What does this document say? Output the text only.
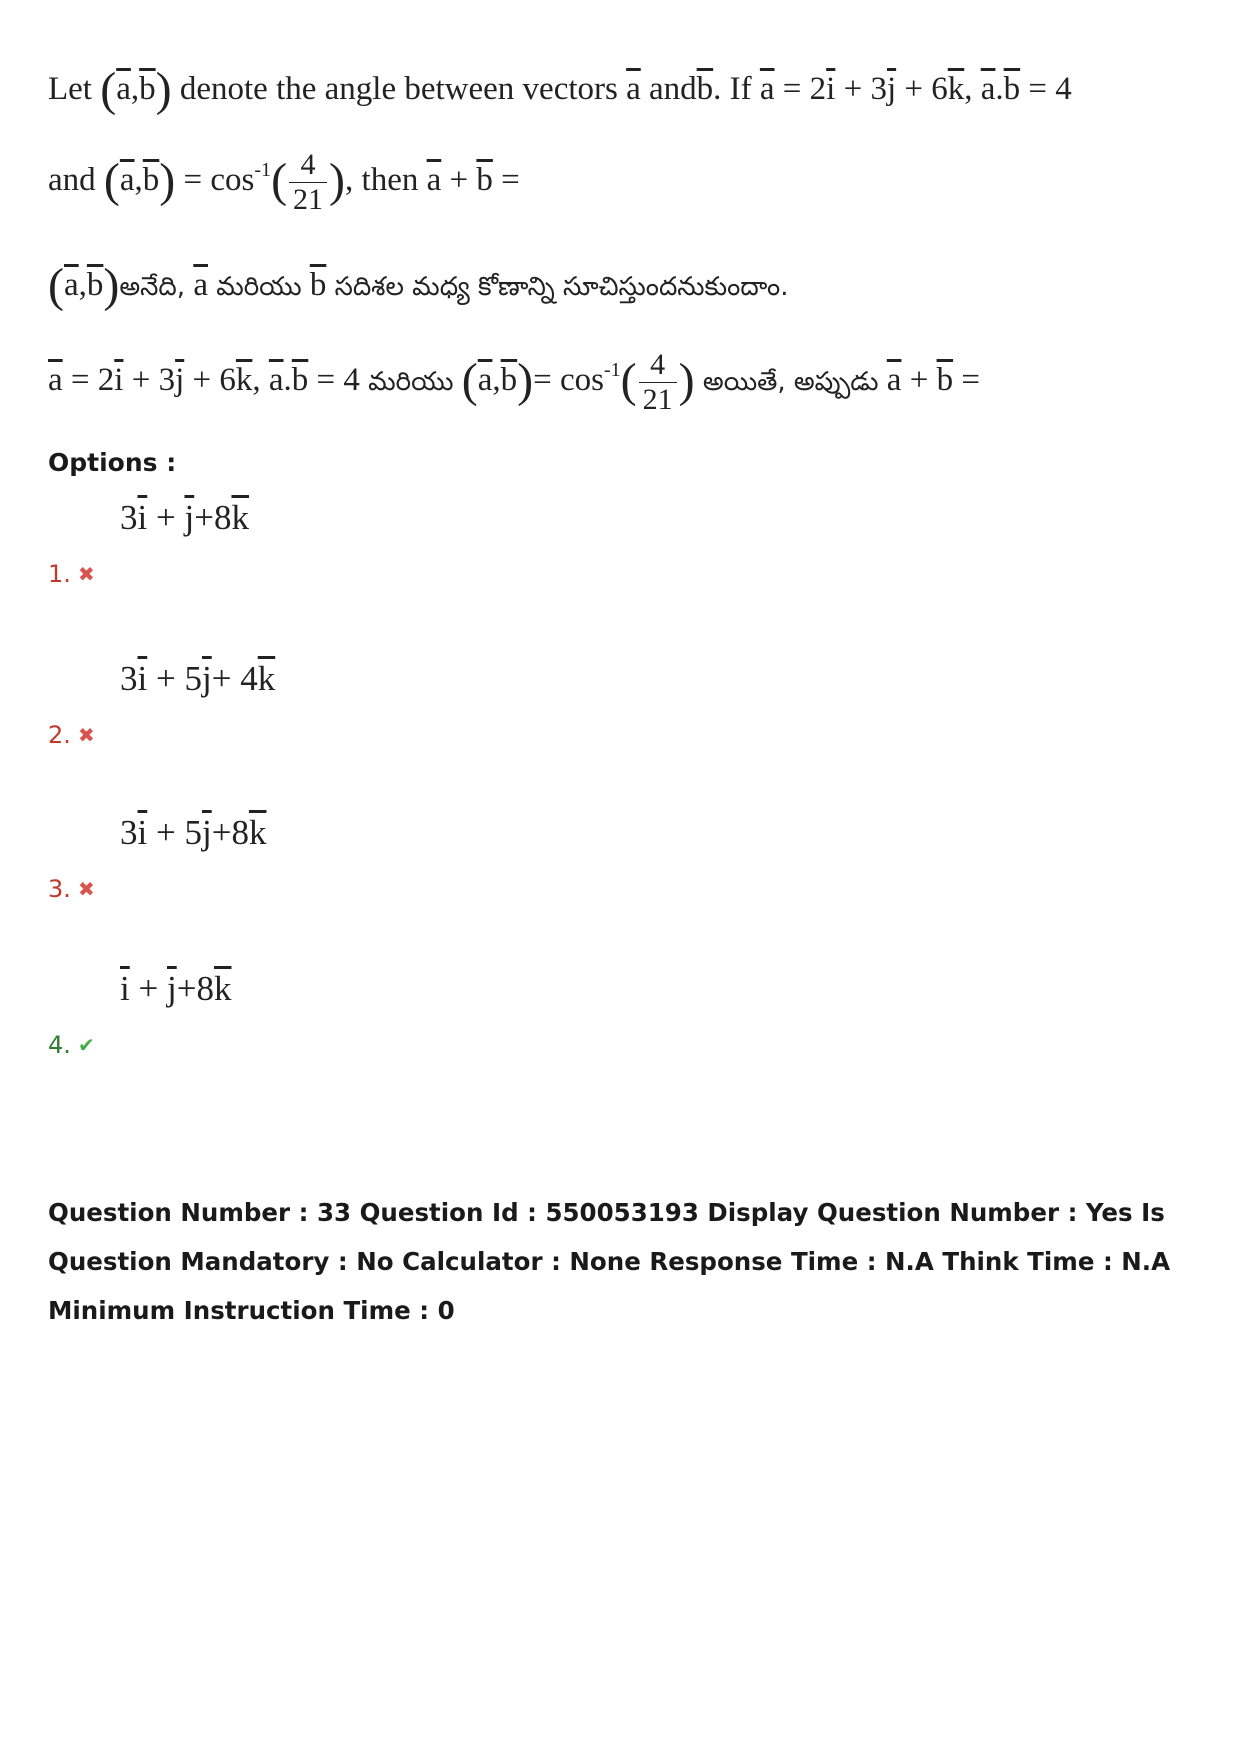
Let $(\overline{a},\overline{b})$ denote the angle between vectors $\overline{a}$ $and\overline{b}$. If $\overline{a} = 2\overline{i} + 3\overline{j} + 6\overline{k}$, $\overline{a}.\overline{b} = 4$
and $(\overline{a},\overline{b}) = \cos^{-1}( \frac{4}{21}$ ), then $\overline{a} + \overline{b}$ =
$(\overline{a},\overline{b})అనేది$, $\overline{a}$ మరియు $\overline{b}$ సదిశల మధ్య కోణాన్ని సూచిస్తుందనుకుందాం.
$\overline{a} = 2\overline{i} + 3\overline{j} + 6\overline{k}$, $\overline{a}.\overline{b} = 4$ మరియు $(\overline{a},\overline{b})= \cos^{-1}( \frac{4}{21}$ ) అయితే, అప్పుడు $\overline{a} + \overline{b}$ =
Options :
1. ✖
$3\overline{i} + \overline{j}+8\overline{k}$
2. ✖
$3\overline{i} + 5\overline{j}+ 4\overline{k}$
3. ✖
$3\overline{i} + 5\overline{j}+8\overline{k}$
4. ✔
$\overline{i} + \overline{j}+8\overline{k}$
Question Number : 33 Question Id : 550053193 Display Question Number : Yes Is Question Mandatory : No Calculator : None Response Time : N.A Think Time : N.A Minimum Instruction Time : 0
